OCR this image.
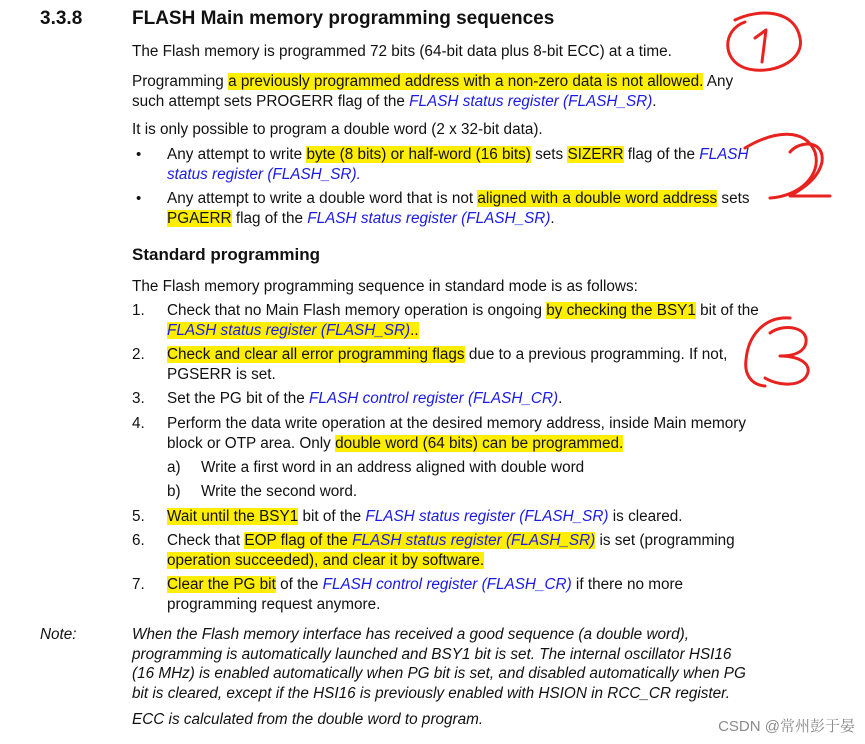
3.3.8	FLASH Main memory programming sequences
The Flash memory is programmed 72 bits (64-bit data plus 8-bit ECC) at a time.
Programming a previously programmed address with a non-zero data is not allowed. Any
such attempt sets PROGERR flag of the FLASH status register (FLASH_SR).
It is only possible to program a double word (2 x 32-bit data).
• Any attempt to write byte (8 bits) or half-word (16 bits) sets SIZERR flag of the FLASH
status register (FLASH_SR).
• Any attempt to write a double word that is not aligned with a double word address sets
PGAERR flag of the FLASH status register (FLASH_SR).
Standard programming
The Flash memory programming sequence in standard mode is as follows:
1. Check that no Main Flash memory operation is ongoing by checking the BSY1 bit of the
FLASH status register (FLASH_SR)..
2. Check and clear all error programming flags due to a previous programming. If not,
PGSERR is set.
3. Set the PG bit of the FLASH control register (FLASH_CR).
4. Perform the data write operation at the desired memory address, inside Main memory
block or OTP area. Only double word (64 bits) can be programmed.
a) Write a first word in an address aligned with double word
b) Write the second word.
5. Wait until the BSY1 bit of the FLASH status register (FLASH_SR) is cleared.
6. Check that EOP flag of the FLASH status register (FLASH_SR) is set (programming
operation succeeded), and clear it by software.
7. Clear the PG bit of the FLASH control register (FLASH_CR) if there no more
programming request anymore.
Note:	When the Flash memory interface has received a good sequence (a double word),
programming is automatically launched and BSY1 bit is set. The internal oscillator HSI16
(16 MHz) is enabled automatically when PG bit is set, and disabled automatically when PG
bit is cleared, except if the HSI16 is previously enabled with HSION in RCC_CR register.
ECC is calculated from the double word to program.	CSDN @常州彭于晏
